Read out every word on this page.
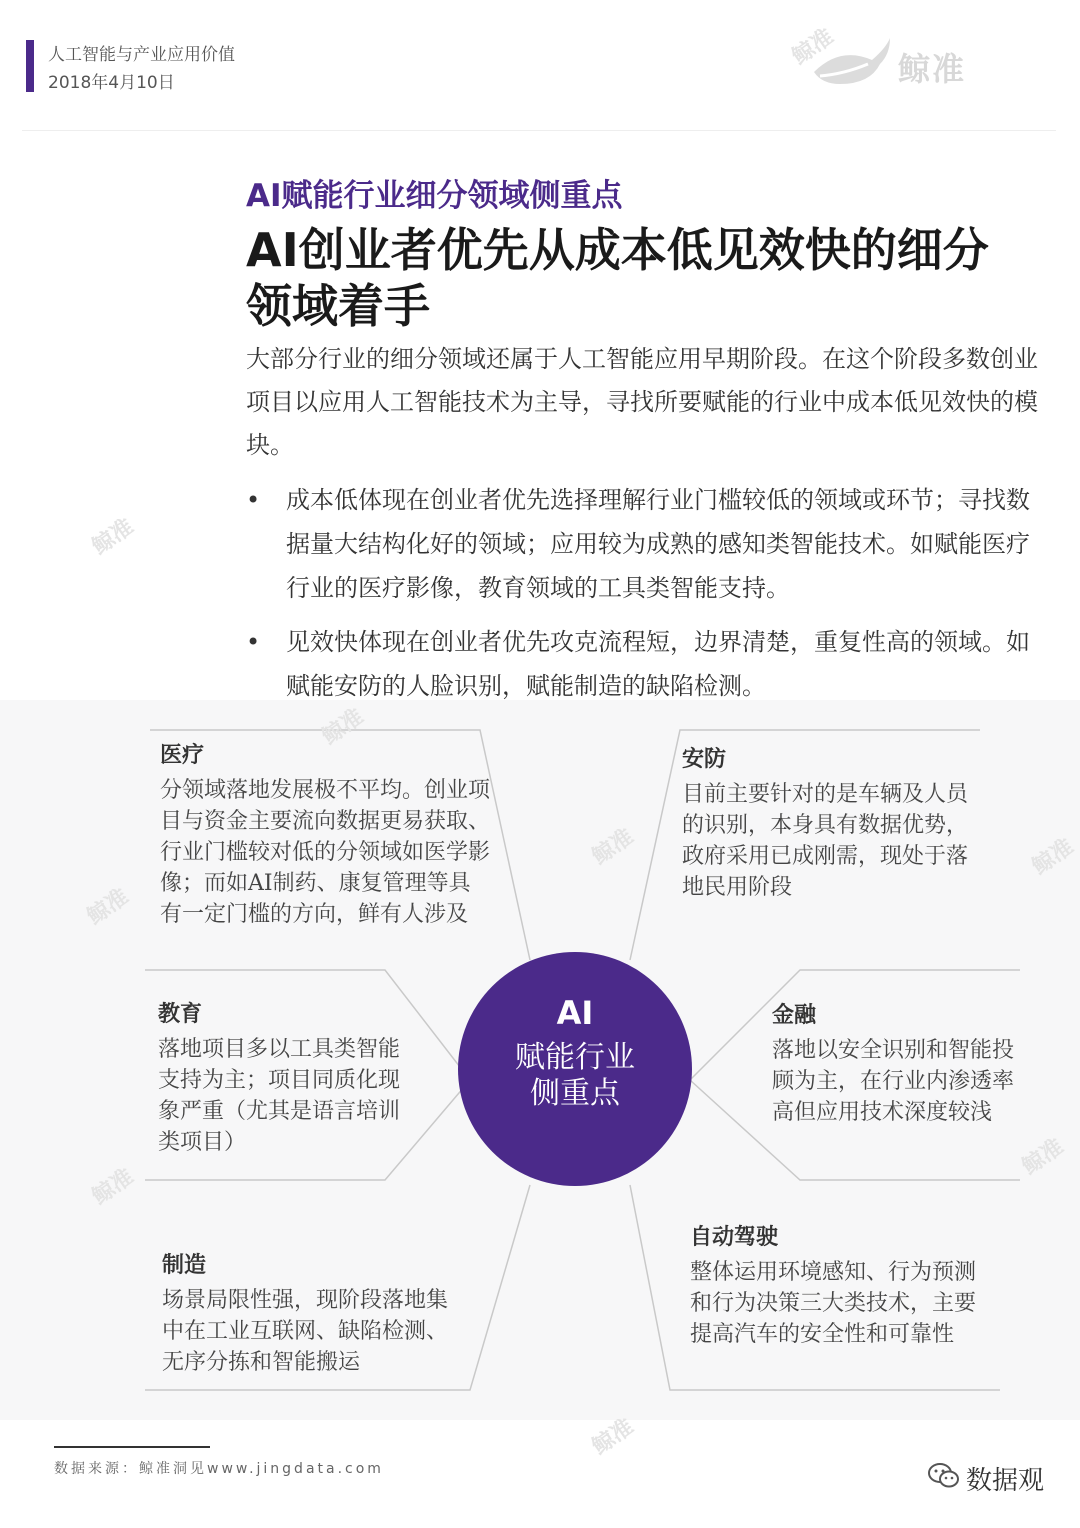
人工智能与产业应用价值
2018年4月10日	鲸准
鲸准
鲸准
AI赋能行业细分领域侧重点
AI创业者优先从成本低见效快的细分领域着手
大部分行业的细分领域还属于人工智能应用早期阶段。在这个阶段多数创业项目以应用人工智能技术为主导，寻找所要赋能的行业中成本低见效快的模块。
• 成本低体现在创业者优先选择理解行业门槛较低的领域或环节；寻找数据量大结构化好的领域；应用较为成熟的感知类智能技术。如赋能医疗行业的医疗影像，教育领域的工具类智能支持。
• 见效快体现在创业者优先攻克流程短，边界清楚，重复性高的领域。如赋能安防的人脸识别，赋能制造的缺陷检测。
鲸准
鲸准
鲸准
鲸准
鲸准
鲸准
鲸准
AI
赋能行业
侧重点
医疗
分领域落地发展极不平均。创业项目与资金主要流向数据更易获取、行业门槛较对低的分领域如医学影像；而如AI制药、康复管理等具有一定门槛的方向，鲜有人涉及
安防
目前主要针对的是车辆及人员的识别，本身具有数据优势，政府采用已成刚需，现处于落地民用阶段
教育
落地项目多以工具类智能支持为主；项目同质化现象严重（尤其是语言培训类项目）
金融
落地以安全识别和智能投顾为主，在行业内渗透率高但应用技术深度较浅
制造
场景局限性强，现阶段落地集中在工业互联网、缺陷检测、无序分拣和智能搬运
自动驾驶
整体运用环境感知、行为预测和行为决策三大类技术，主要提高汽车的安全性和可靠性
数据来源：鲸准洞见www.jingdata.com	数据观
